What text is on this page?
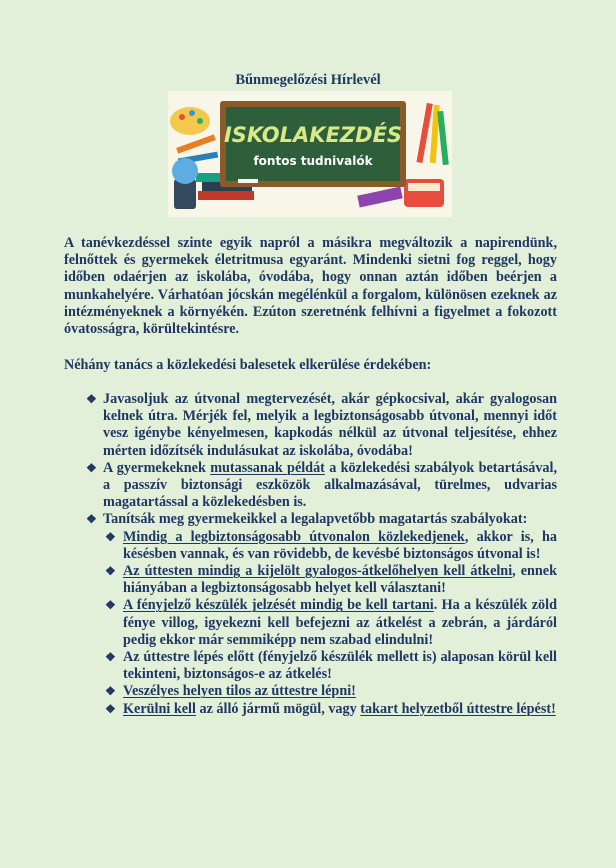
Bűnmegelőzési Hírlevél
ISKOLAKEZDÉS
fontos tudnivalók

A tanévkezdéssel szinte egyik napról a másikra megváltozik a napirendünk, felnőttek és gyermekek életritmusa egyaránt. Mindenki sietni fog reggel, hogy időben odaérjen az iskolába, óvodába, hogy onnan aztán időben beérjen a munkahelyére. Várhatóan jócskán megélénkül a forgalom, különösen ezeknek az intézményeknek a környékén. Ezúton szeretnénk felhívni a figyelmet a fokozott óvatosságra, körültekintésre.

Néhány tanács a közlekedési balesetek elkerülése érdekében:

❖ Javasoljuk az útvonal megtervezését, akár gépkocsival, akár gyalogosan kelnek útra. Mérjék fel, melyik a legbiztonságosabb útvonal, mennyi időt vesz igénybe kényelmesen, kapkodás nélkül az útvonal teljesítése, ehhez mérten időzítsék indulásukat az iskolába, óvodába!
❖ A gyermekeknek mutassanak példát a közlekedési szabályok betartásával, a passzív biztonsági eszközök alkalmazásával, türelmes, udvarias magatartással a közlekedésben is.
❖ Tanítsák meg gyermekeikkel a legalapvetőbb magatartás szabályokat:
❖ Mindig a legbiztonságosabb útvonalon közlekedjenek, akkor is, ha késésben vannak, és van rövidebb, de kevésbé biztonságos útvonal is!
❖ Az úttesten mindig a kijelölt gyalogos-átkelőhelyen kell átkelni, ennek hiányában a legbiztonságosabb helyet kell választani!
❖ A fényjelző készülék jelzését mindig be kell tartani. Ha a készülék zöld fénye villog, igyekezni kell befejezni az átkelést a zebrán, a járdáról pedig ekkor már semmiképp nem szabad elindulni!
❖ Az úttestre lépés előtt (fényjelző készülék mellett is) alaposan körül kell tekinteni, biztonságos-e az átkelés!
❖ Veszélyes helyen tilos az úttestre lépni!
❖ Kerülni kell az álló jármű mögül, vagy takart helyzetből úttestre lépést!
